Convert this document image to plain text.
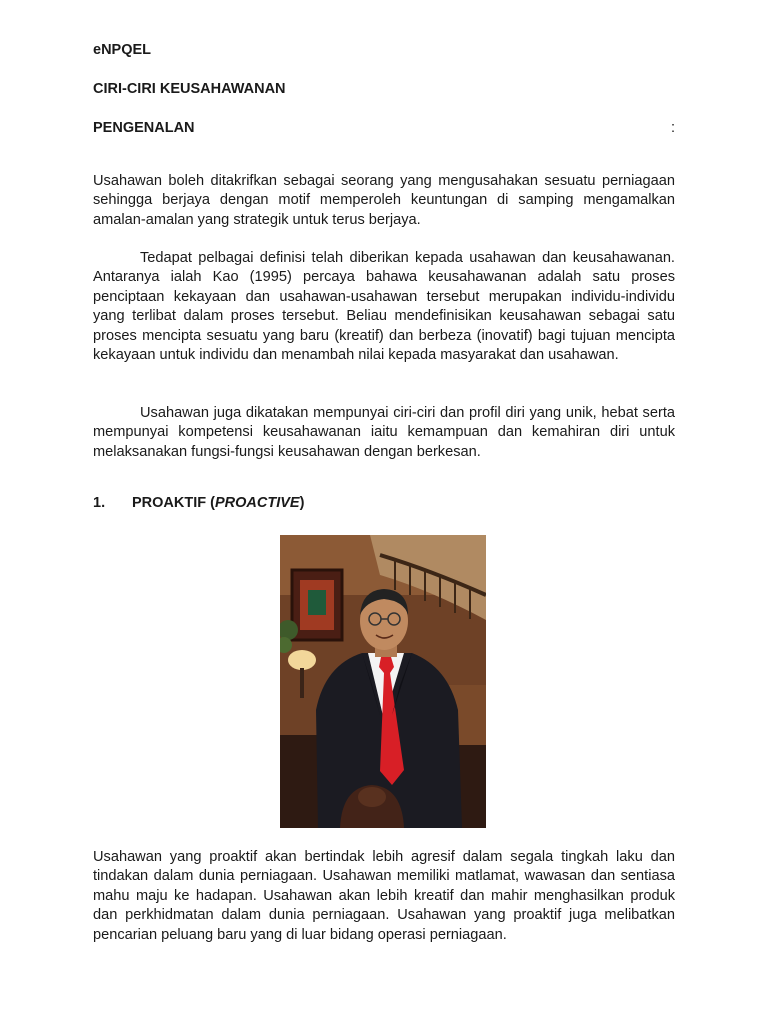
eNPQEL
CIRI-CIRI KEUSAHAWANAN
PENGENALAN	:

Usahawan boleh ditakrifkan sebagai seorang yang mengusahakan sesuatu perniagaan sehingga berjaya dengan motif memperoleh keuntungan di samping mengamalkan amalan-amalan yang strategik untuk terus berjaya.

Tedapat pelbagai definisi telah diberikan kepada usahawan dan keusahawanan. Antaranya ialah Kao (1995) percaya bahawa keusahawanan adalah satu proses penciptaan kekayaan dan usahawan-usahawan tersebut merupakan individu-individu yang terlibat dalam proses tersebut. Beliau mendefinisikan keusahawan sebagai satu proses mencipta sesuatu yang baru (kreatif) dan berbeza (inovatif) bagi tujuan mencipta kekayaan untuk individu dan menambah nilai kepada masyarakat dan usahawan.

Usahawan juga dikatakan mempunyai ciri-ciri dan profil diri yang unik, hebat serta mempunyai kompetensi keusahawanan iaitu kemampuan dan kemahiran diri untuk melaksanakan fungsi-fungsi keusahawan dengan berkesan.

1. PROAKTIF (PROACTIVE)

Usahawan yang proaktif akan bertindak lebih agresif dalam segala tingkah laku dan tindakan dalam dunia perniagaan. Usahawan memiliki matlamat, wawasan dan sentiasa mahu maju ke hadapan. Usahawan akan lebih kreatif dan mahir menghasilkan produk dan perkhidmatan dalam dunia perniagaan. Usahawan yang proaktif juga melibatkan pencarian peluang baru yang di luar bidang operasi perniagaan.
